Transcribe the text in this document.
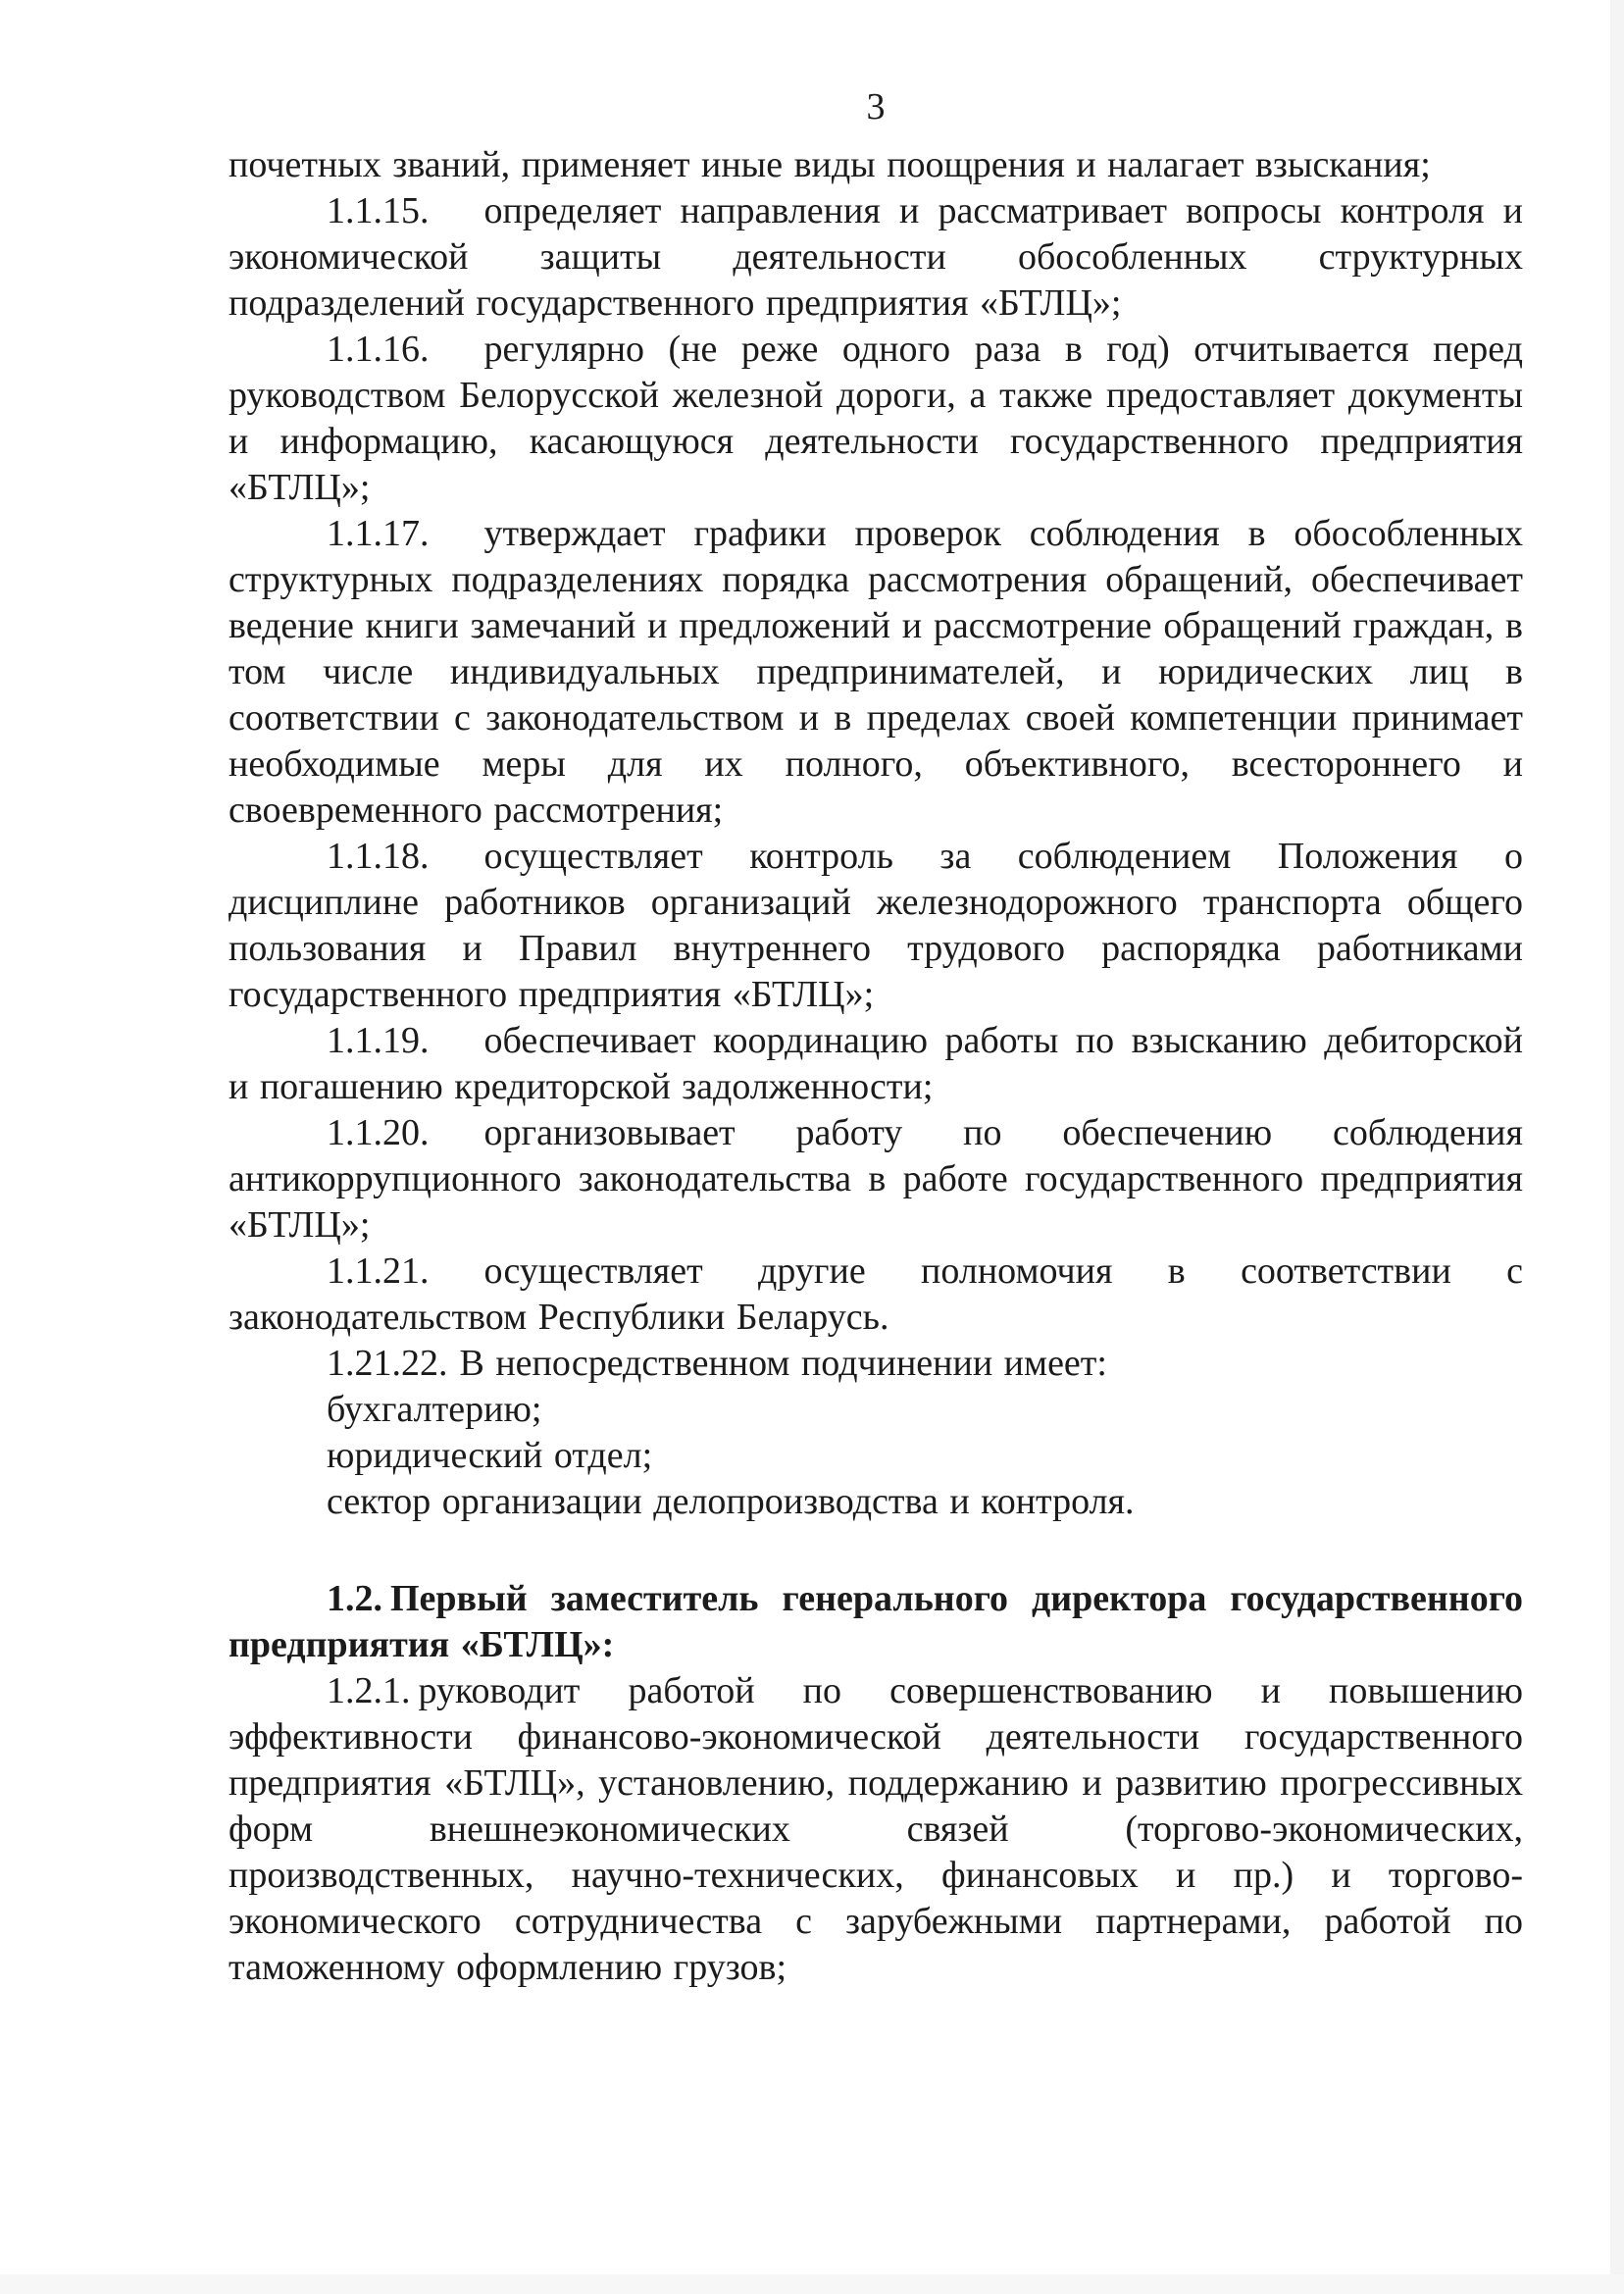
3

почетных званий, применяет иные виды поощрения и налагает взыскания;

1.1.15. определяет направления и рассматривает вопросы контроля и экономической защиты деятельности обособленных структурных подразделений государственного предприятия «БТЛЦ»;

1.1.16. регулярно (не реже одного раза в год) отчитывается перед руководством Белорусской железной дороги, а также предоставляет документы и информацию, касающуюся деятельности государственного предприятия «БТЛЦ»;

1.1.17. утверждает графики проверок соблюдения в обособленных структурных подразделениях порядка рассмотрения обращений, обеспечивает ведение книги замечаний и предложений и рассмотрение обращений граждан, в том числе индивидуальных предпринимателей, и юридических лиц в соответствии с законодательством и в пределах своей компетенции принимает необходимые меры для их полного, объективного, всестороннего и своевременного рассмотрения;

1.1.18. осуществляет контроль за соблюдением Положения о дисциплине работников организаций железнодорожного транспорта общего пользования и Правил внутреннего трудового распорядка работниками государственного предприятия «БТЛЦ»;

1.1.19. обеспечивает координацию работы по взысканию дебиторской и погашению кредиторской задолженности;

1.1.20. организовывает работу по обеспечению соблюдения антикоррупционного законодательства в работе государственного предприятия «БТЛЦ»;

1.1.21. осуществляет другие полномочия в соответствии с законодательством Республики Беларусь.

1.21.22. В непосредственном подчинении имеет:

бухгалтерию;

юридический отдел;

сектор организации делопроизводства и контроля.

1.2. Первый заместитель генерального директора государственного предприятия «БТЛЦ»:

1.2.1. руководит работой по совершенствованию и повышению эффективности финансово-экономической деятельности государственного предприятия «БТЛЦ», установлению, поддержанию и развитию прогрессивных форм внешнеэкономических связей (торгово-экономических, производственных, научно-технических, финансовых и пр.) и торгово-экономического сотрудничества с зарубежными партнерами, работой по таможенному оформлению грузов;
